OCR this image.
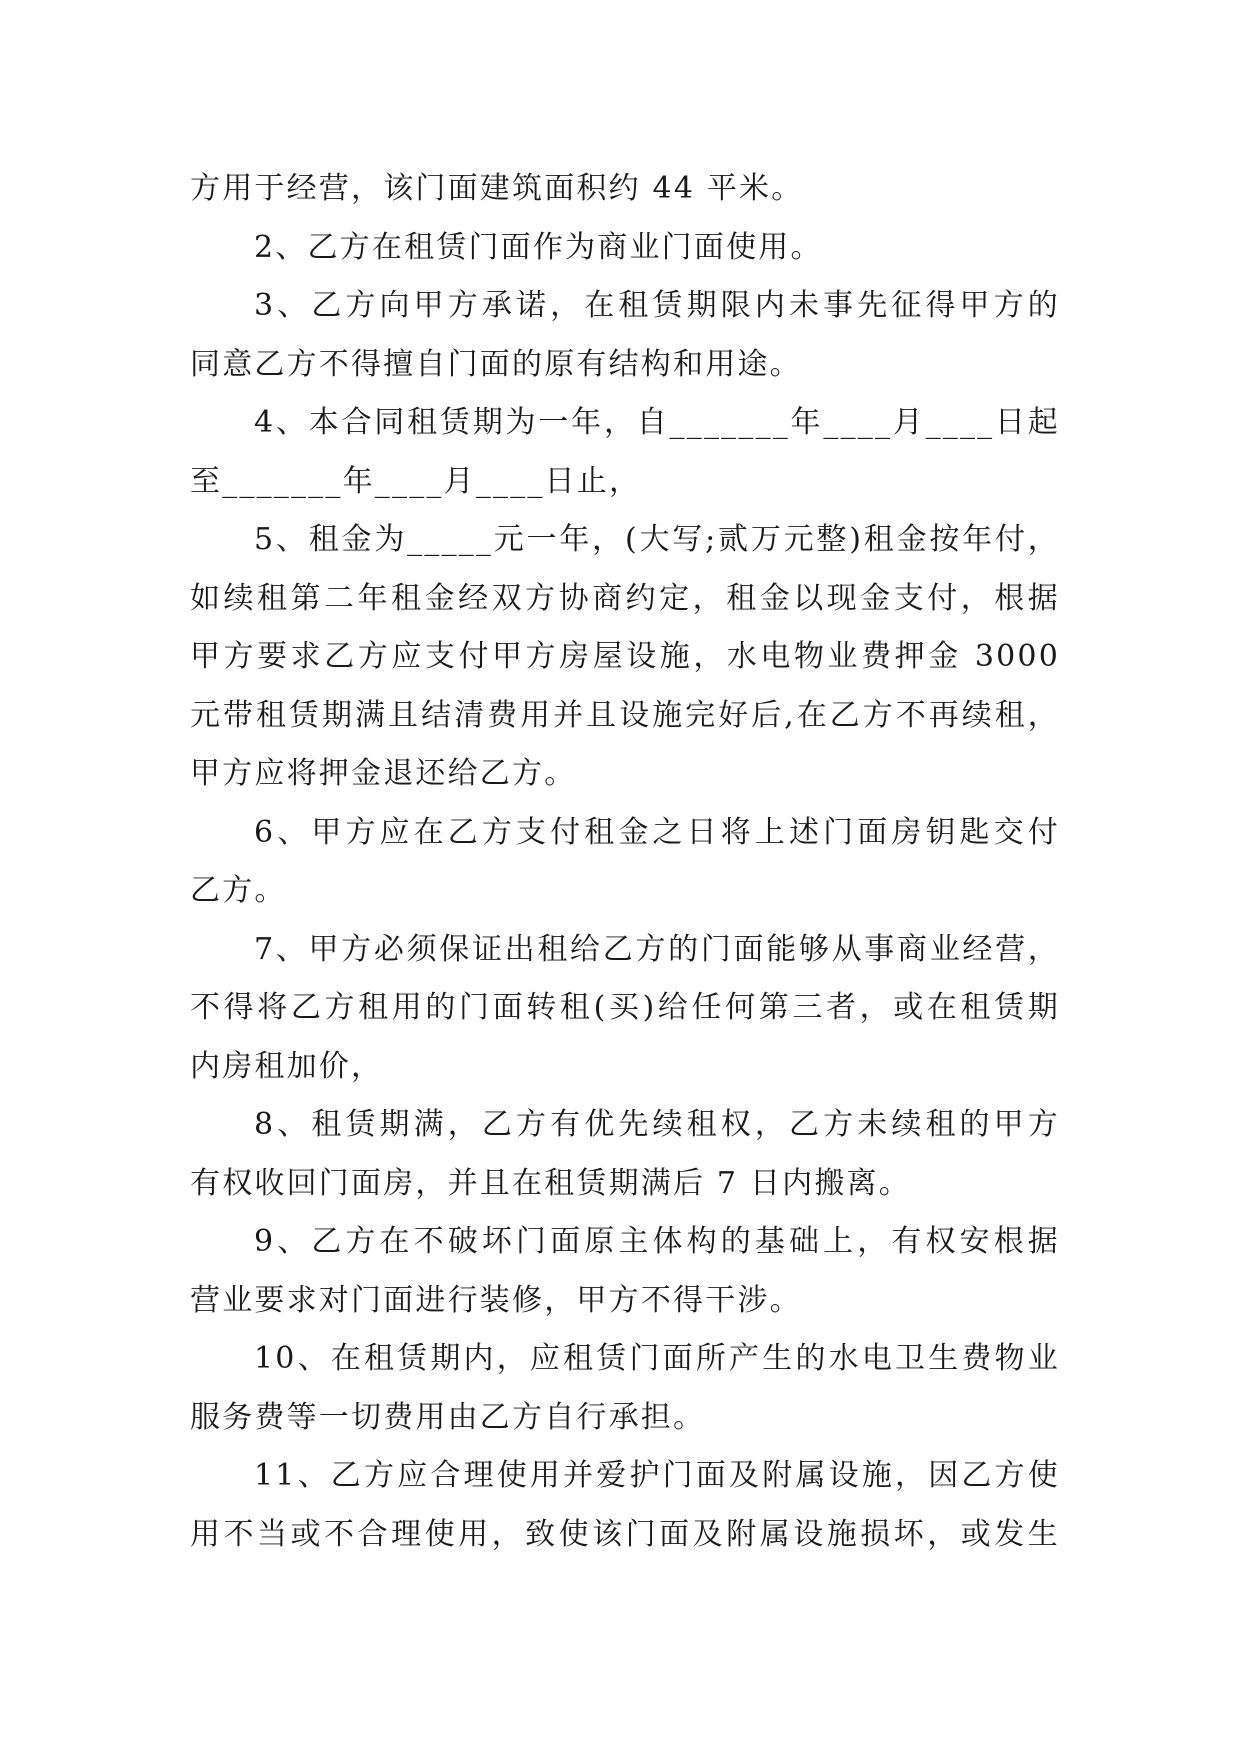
方用于经营，该门面建筑面积约 44 平米。
2、乙方在租赁门面作为商业门面使用。
3、乙方向甲方承诺，在租赁期限内未事先征得甲方的
同意乙方不得擅自门面的原有结构和用途。
4、本合同租赁期为一年，自_______年____月____日起
至_______年____月____日止，
5、租金为_____元一年，(大写;贰万元整)租金按年付，
如续租第二年租金经双方协商约定，租金以现金支付，根据
甲方要求乙方应支付甲方房屋设施，水电物业费押金 3000
元带租赁期满且结清费用并且设施完好后,在乙方不再续租，
甲方应将押金退还给乙方。
6、甲方应在乙方支付租金之日将上述门面房钥匙交付
乙方。
7、甲方必须保证出租给乙方的门面能够从事商业经营，
不得将乙方租用的门面转租(买)给任何第三者，或在租赁期
内房租加价，
8、租赁期满，乙方有优先续租权，乙方未续租的甲方
有权收回门面房，并且在租赁期满后 7 日内搬离。
9、乙方在不破坏门面原主体构的基础上，有权安根据
营业要求对门面进行装修，甲方不得干涉。
10、在租赁期内，应租赁门面所产生的水电卫生费物业
服务费等一切费用由乙方自行承担。
11、乙方应合理使用并爱护门面及附属设施，因乙方使
用不当或不合理使用，致使该门面及附属设施损坏，或发生
